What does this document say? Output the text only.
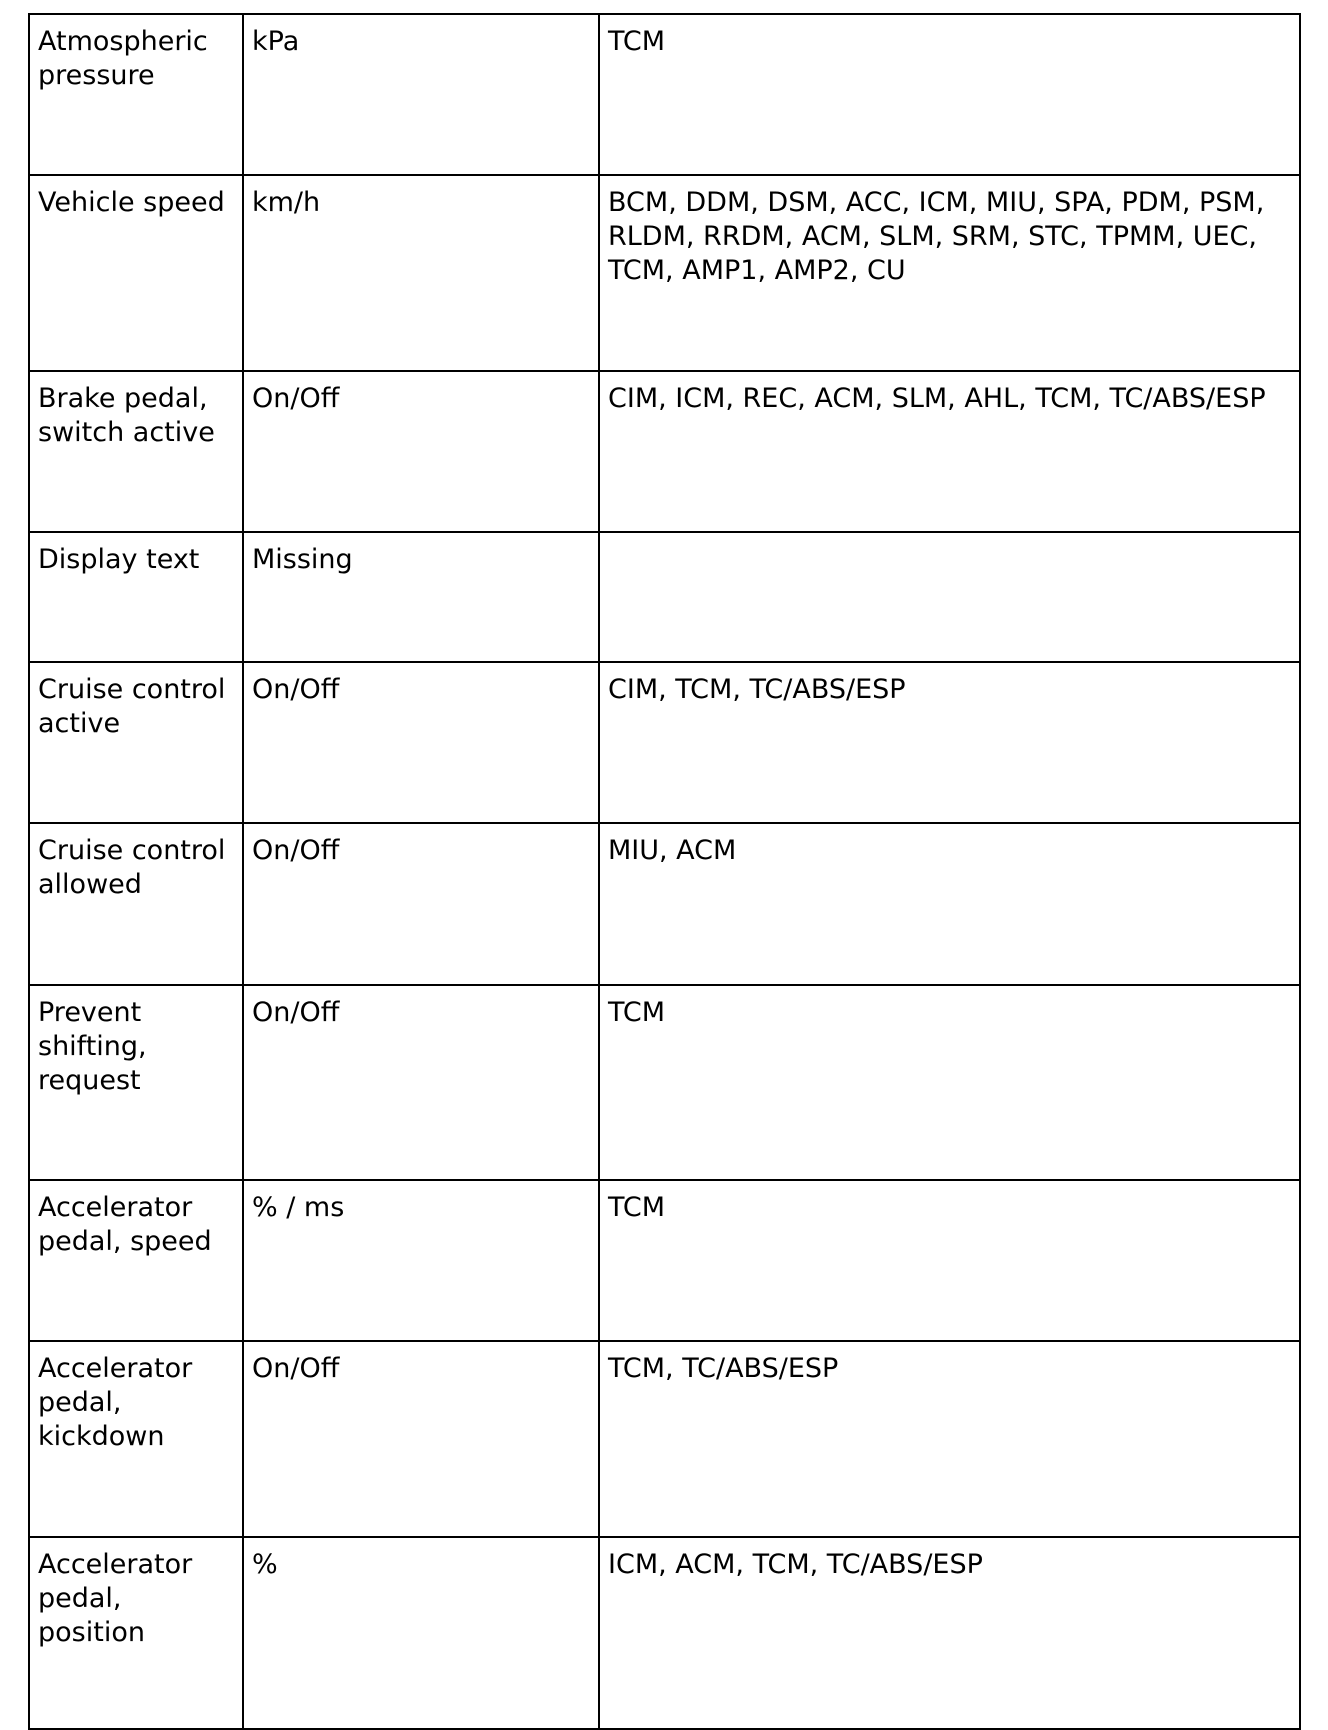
Atmospheric pressure	kPa	TCM
Vehicle speed	km/h	BCM, DDM, DSM, ACC, ICM, MIU, SPA, PDM, PSM, RLDM, RRDM, ACM, SLM, SRM, STC, TPMM, UEC, TCM, AMP1, AMP2, CU
Brake pedal, switch active	On/Off	CIM, ICM, REC, ACM, SLM, AHL, TCM, TC/ABS/ESP
Display text	Missing	
Cruise control active	On/Off	CIM, TCM, TC/ABS/ESP
Cruise control allowed	On/Off	MIU, ACM
Prevent shifting, request	On/Off	TCM
Accelerator pedal, speed	% / ms	TCM
Accelerator pedal, kickdown	On/Off	TCM, TC/ABS/ESP
Accelerator pedal, position	%	ICM, ACM, TCM, TC/ABS/ESP
